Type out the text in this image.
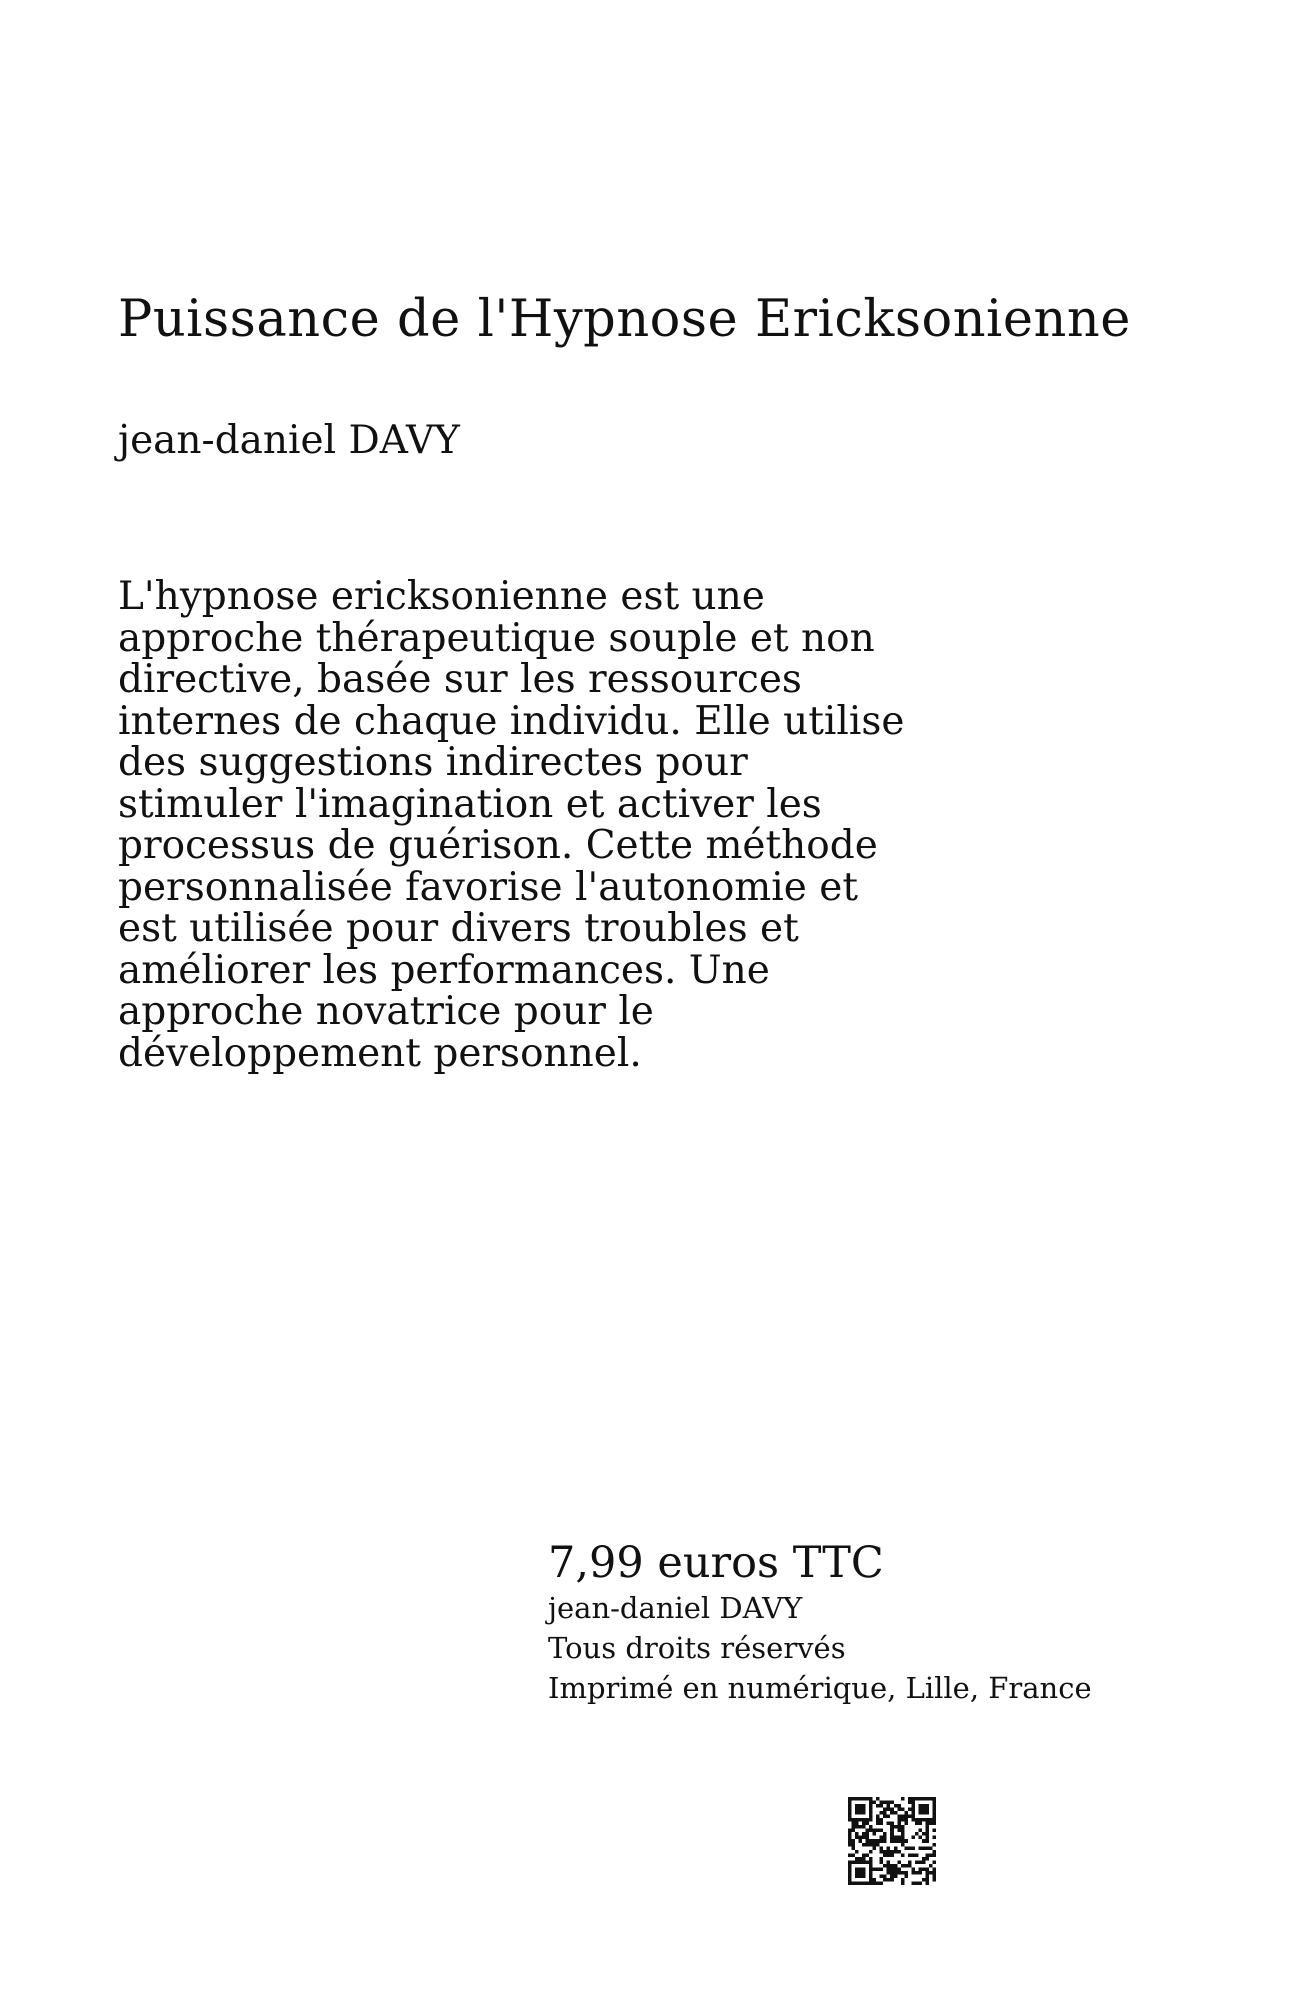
Puissance de l'Hypnose Ericksonienne

jean-daniel DAVY

L'hypnose ericksonienne est une
approche thérapeutique souple et non
directive, basée sur les ressources
internes de chaque individu. Elle utilise
des suggestions indirectes pour
stimuler l'imagination et activer les
processus de guérison. Cette méthode
personnalisée favorise l'autonomie et
est utilisée pour divers troubles et
améliorer les performances. Une
approche novatrice pour le
développement personnel.
7,99 euros TTC
jean-daniel DAVY
Tous droits réservés
Imprimé en numérique, Lille, France
